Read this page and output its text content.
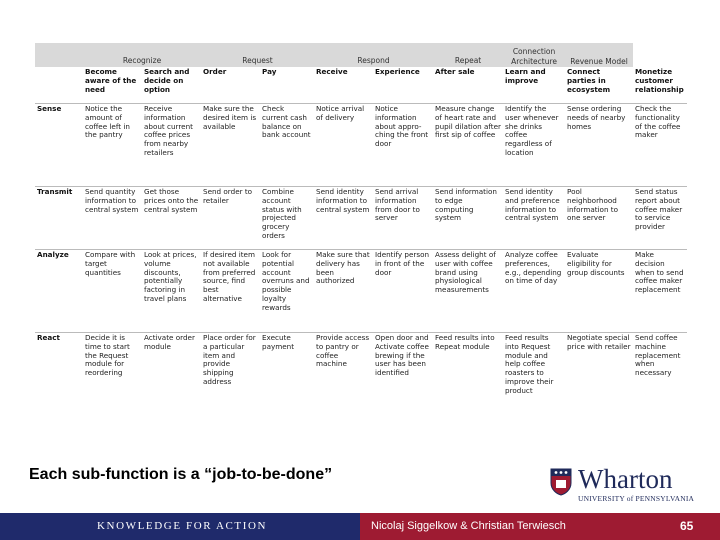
	Recognize		Request		Respond		Repeat	Connection Architecture	Revenue Model	
	Become aware of the need	Search and decide on option	Order	Pay	Receive	Experience	After sale	Learn and improve	Connect parties in ecosystem	Monetize customer relationship
Sense	Notice the amount of coffee left in the pantry	Receive information about current coffee prices from nearby retailers	Make sure the desired item is available	Check current cash balance on bank account	Notice arrival of delivery	Notice information about appro-ching the front door	Measure change of heart rate and pupil dilation after first sip of coffee	Identify the user whenever she drinks coffee regardless of location	Sense ordering needs of nearby homes	Check the functionality of the coffee maker
Transmit	Send quantity information to central system	Get those prices onto the central system	Send order to retailer	Combine account status with projected grocery orders	Send identity information to central system	Send arrival information from door to server	Send information to edge computing system	Send identity and preference information to central system	Pool neighborhood information to one server	Send status report about coffee maker to service provider
Analyze	Compare with target quantities	Look at prices, volume discounts, potentially factoring in travel plans	If desired item not available from preferred source, find best alternative	Look for potential account overruns and possible loyalty rewards	Make sure that delivery has been authorized	Identify person in front of the door	Assess delight of user with coffee brand using physiological measurements	Analyze coffee preferences, e.g., depending on time of day	Evaluate eligibility for group discounts	Make decision when to send coffee maker replacement
React	Decide it is time to start the Request module for reordering	Activate order module	Place order for a particular item and provide shipping address	Execute payment	Provide access to pantry or coffee machine	Open door and Activate coffee brewing if the user has been identified	Feed results into Repeat module	Feed results into Request module and help coffee roasters to improve their product	Negotiate special price with retailer	Send coffee machine replacement when necessary
Each sub-function is a “job-to-be-done”	Wharton
UNIVERSITY of PENNSYLVANIA
KNOWLEDGE FOR ACTION	Nicolaj Siggelkow & Christian Terwiesch	65
